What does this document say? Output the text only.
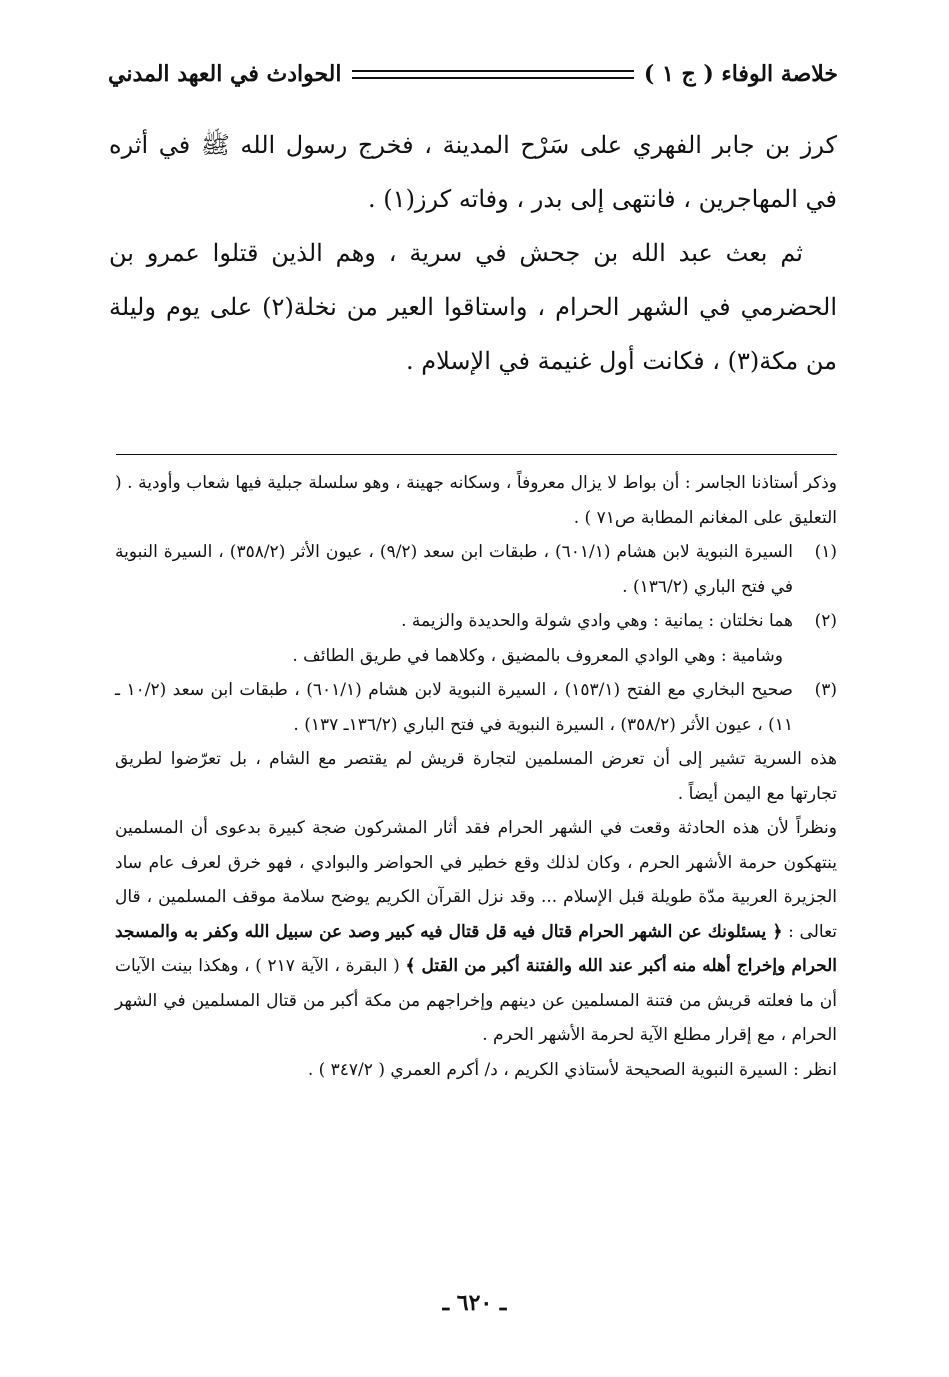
خلاصة الوفاء ( ج ١ )
الحوادث في العهد المدني

كرز بن جابر الفهري على سَرْح المدينة ، فخرج رسول الله ﷺ في أثره في المهاجرين ، فانتهى إلى بدر ، وفاته كرز(١) .

ثم بعث عبد الله بن جحش في سرية ، وهم الذين قتلوا عمرو بن الحضرمي في الشهر الحرام ، واستاقوا العير من نخلة(٢) على يوم وليلة من مكة(٣) ، فكانت أول غنيمة في الإسلام .

وذكر أستاذنا الجاسر : أن بواط لا يزال معروفاً ، وسكانه جهينة ، وهو سلسلة جبلية فيها شعاب وأودية . ( التعليق على المغانم المطابة ص٧١ ) .

(١)
السيرة النبوية لابن هشام (٦٠١/١) ، طبقات ابن سعد (٩/٢) ، عيون الأثر (٣٥٨/٢) ، السيرة النبوية في فتح الباري (١٣٦/٢) .
(٢)
هما نخلتان : يمانية : وهي وادي شولة والحديدة والزيمة .
وشامية : وهي الوادي المعروف بالمضيق ، وكلاهما في طريق الطائف .
(٣)
صحيح البخاري مع الفتح (١٥٣/١) ، السيرة النبوية لابن هشام (٦٠١/١) ، طبقات ابن سعد (١٠/٢ ـ ١١) ، عيون الأثر (٣٥٨/٢) ، السيرة النبوية في فتح الباري (١٣٦/٢ـ ١٣٧) .

هذه السرية تشير إلى أن تعرض المسلمين لتجارة قريش لم يقتصر مع الشام ، بل تعرّضوا لطريق تجارتها مع اليمن أيضاً .

ونظراً لأن هذه الحادثة وقعت في الشهر الحرام فقد أثار المشركون ضجة كبيرة بدعوى أن المسلمين ينتهكون حرمة الأشهر الحرم ، وكان لذلك وقع خطير في الحواضر والبوادي ، فهو خرق لعرف عام ساد الجزيرة العربية مدّة طويلة قبل الإسلام ... وقد نزل القرآن الكريم يوضح سلامة موقف المسلمين ، قال تعالى : ﴿ يسئلونك عن الشهر الحرام قتال فيه قل قتال فيه كبير وصد عن سبيل الله وكفر به والمسجد الحرام وإخراج أهله منه أكبر عند الله والفتنة أكبر من القتل ﴾ ( البقرة ، الآية ٢١٧ ) ، وهكذا بينت الآيات أن ما فعلته قريش من فتنة المسلمين عن دينهم وإخراجهم من مكة أكبر من قتال المسلمين في الشهر الحرام ، مع إقرار مطلع الآية لحرمة الأشهر الحرم .

انظر : السيرة النبوية الصحيحة لأستاذي الكريم ، د/ أكرم العمري ( ٣٤٧/٢ ) .

ـ ٦٢٠ ـ
